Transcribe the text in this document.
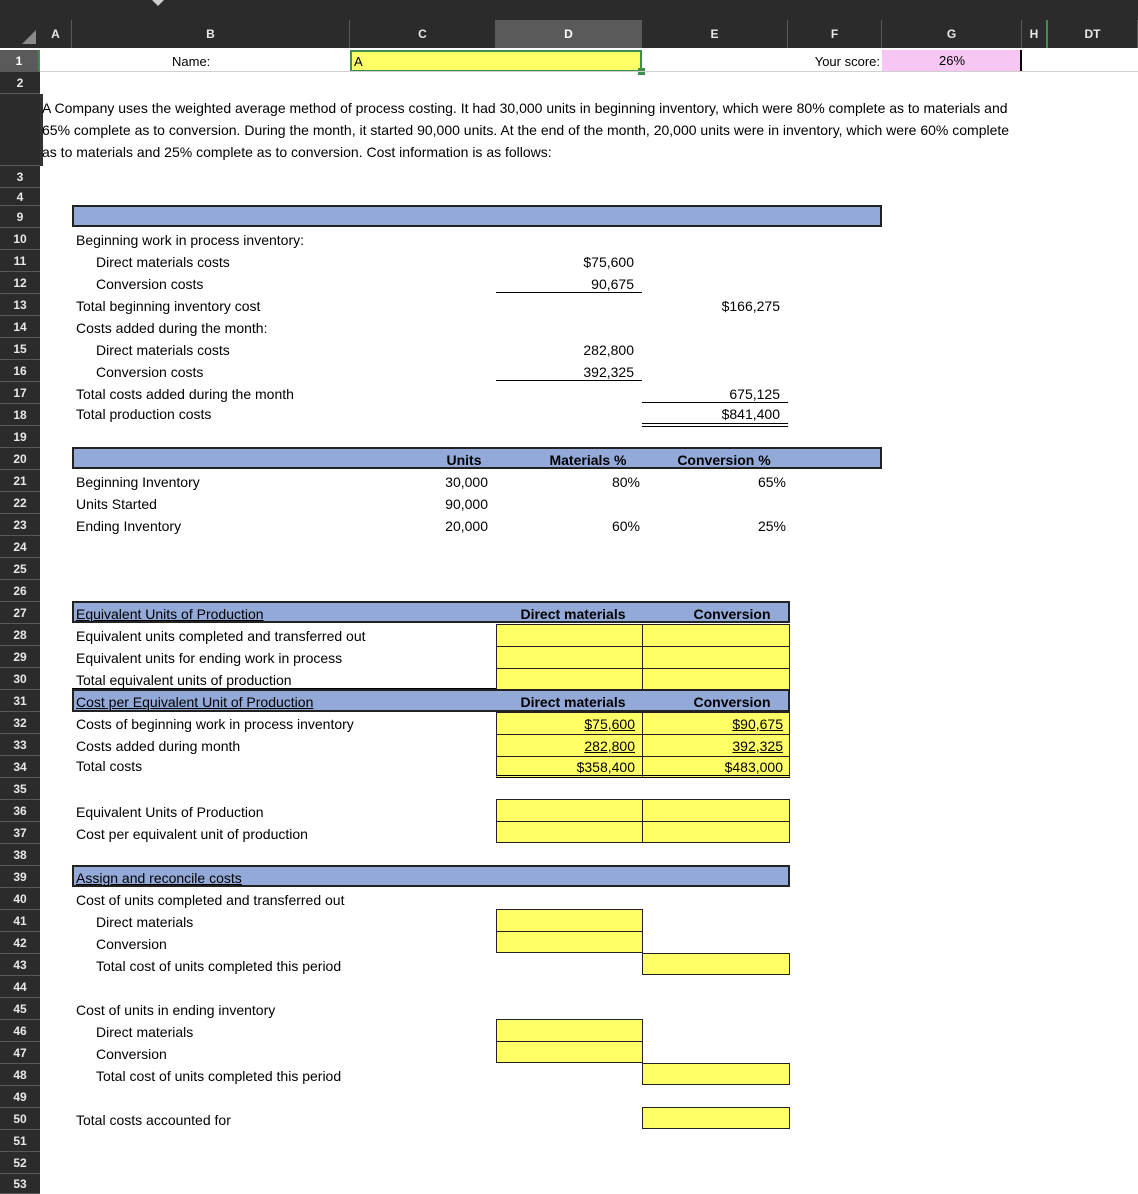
A	B	C	D	E	F	G	H	DT
1
2
3
4
9
10
11
12
13
14
15
16
17
18
19
20
21
22
23
24
25
26
27
28
29
30
31
32
33
34
35
36
37
38
39
40
41
42
43
44
45
46
47
48
49
50
51
52
53
Name:	A	Your score:	26%
A Company uses the weighted average method of process costing. It had 30,000 units in beginning inventory, which were 80% complete as to materials and 65% complete as to conversion. During the month, it started 90,000 units. At the end of the month, 20,000 units were in inventory, which were 60% complete as to materials and 25% complete as to conversion. Cost information is as follows:
Beginning work in process inventory:
Direct materials costs	$75,600
Conversion costs	90,675
Total beginning inventory cost	$166,275
Costs added during the month:
Direct materials costs	282,800
Conversion costs	392,325
Total costs added during the month	675,125
Total production costs	$841,400
Units	Materials %	Conversion %
Beginning Inventory	30,000	80%	65%
Units Started	90,000
Ending Inventory	20,000	60%	25%
Equivalent Units of Production	Direct materials	Conversion
Equivalent units completed and transferred out
Equivalent units for ending work in process
Total equivalent units of production
Cost per Equivalent Unit of Production	Direct materials	Conversion
Costs of beginning work in process inventory	$75,600	$90,675
Costs added during month	282,800	392,325
Total costs	$358,400	$483,000
Equivalent Units of Production
Cost per equivalent unit of production
Assign and reconcile costs
Cost of units completed and transferred out
Direct materials
Conversion
Total cost of units completed this period
Cost of units in ending inventory
Direct materials
Conversion
Total cost of units completed this period
Total costs accounted for
